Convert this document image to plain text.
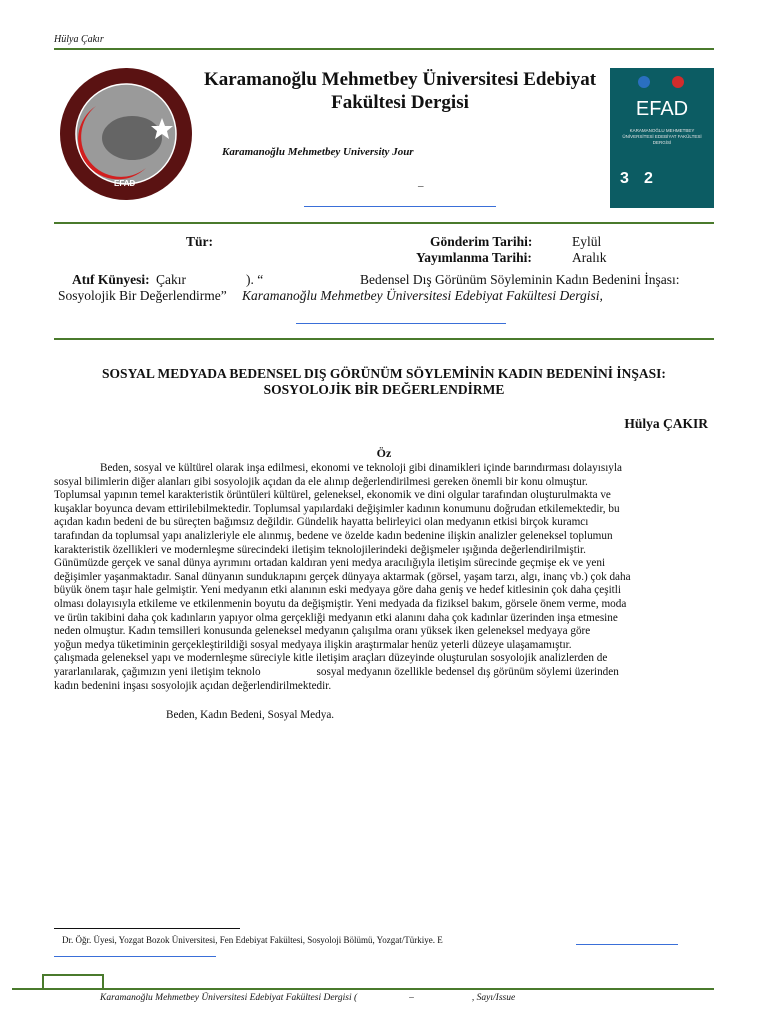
Hülya Çakır
EFAD
Karamanoğlu Mehmetbey Üniversitesi Edebiyat Fakültesi Dergisi
Karamanoğlu Mehmetbey University Jour
–
EFAD
KARAMANOĞLU MEHMETBEY ÜNİVERSİTESİ EDEBİYAT FAKÜLTESİ DERGİSİ
3 2
Tür:	Gönderim Tarihi:	Eylül
Yayımlanma Tarihi:	Aralık
Atıf Künyesi: Çakır	). “	Bedensel Dış Görünüm Söyleminin Kadın Bedenini İnşası:
Sosyolojik Bir Değerlendirme” Karamanoğlu Mehmetbey Üniversitesi Edebiyat Fakültesi Dergisi,
SOSYAL MEDYADA BEDENSEL DIŞ GÖRÜNÜM SÖYLEMİNİN KADIN BEDENİNİ İNŞASI:
SOSYOLOJİK BİR DEĞERLENDİRME
Hülya ÇAKIR
Öz

Beden, sosyal ve kültürel olarak inşa edilmesi, ekonomi ve teknoloji gibi dinamikleri içinde barındırması dolayısıyla

sosyal bilimlerin diğer alanları gibi sosyolojik açıdan da ele alınıp değerlendirilmesi gereken önemli bir konu olmuştur.

Toplumsal yapının temel karakteristik örüntüleri kültürel, geleneksel, ekonomik ve dini olgular tarafından oluşturulmakta ve

kuşaklar boyunca devam ettirilebilmektedir. Toplumsal yapılardaki değişimler kadının konumunu doğrudan etkilemektedir, bu

açıdan kadın bedeni de bu süreçten bağımsız değildir. Gündelik hayatta belirleyici olan medyanın etkisi birçok kuramcı

tarafından da toplumsal yapı analizleriyle ele alınmış, bedene ve özelde kadın bedenine ilişkin analizler geleneksel toplumun

karakteristik özellikleri ve modernleşme sürecindeki iletişim teknolojilerindeki değişmeler ışığında değerlendirilmiştir.

Günümüzde gerçek ve sanal dünya ayrımını ortadan kaldıran yeni medya aracılığıyla iletişim sürecinde geçmişe ek ve yeni

değişimler yaşanmaktadır. Sanal dünyanın sundukларını gerçek dünyaya aktarmak (görsel, yaşam tarzı, algı, inanç vb.) çok daha

büyük önem taşır hale gelmiştir. Yeni medyanın etki alanının eski medyaya göre daha geniş ve hedef kitlesinin çok daha çeşitli

olması dolayısıyla etkileme ve etkilenmenin boyutu da değişmiştir. Yeni medyada da fiziksel bakım, görsele önem verme, moda

ve ürün takibini daha çok kadınların yapıyor olma gerçekliği medyanın etki alanını daha çok kadınlar üzerinden inşa etmesine

neden olmuştur. Kadın temsilleri konusunda geleneksel medyanın çalışılma oranı yüksek iken geleneksel medyaya göre

yoğun medya tüketiminin gerçekleştirildiği sosyal medyaya ilişkin araştırmalar henüz yeterli düzeye ulaşamamıştır.

çalışmada geleneksel yapı ve modernleşme süreciyle kitle iletişim araçları düzeyinde oluşturulan sosyolojik analizlerden de

yararlanılarak, çağımızın yeni iletişim teknolo                    sosyal medyanın özellikle bedensel dış görünüm söylemi üzerinden

kadın bedenini inşası sosyolojik açıdan değerlendirilmektedir.

Beden, Kadın Bedeni, Sosyal Medya.
Dr. Öğr. Üyesi, Yozgat Bozok Üniversitesi, Fen Edebiyat Fakültesi, Sosyoloji Bölümü, Yozgat/Türkiye. E
Karamanoğlu Mehmetbey Üniversitesi Edebiyat Fakültesi Dergisi (	–	, Sayı/Issue
